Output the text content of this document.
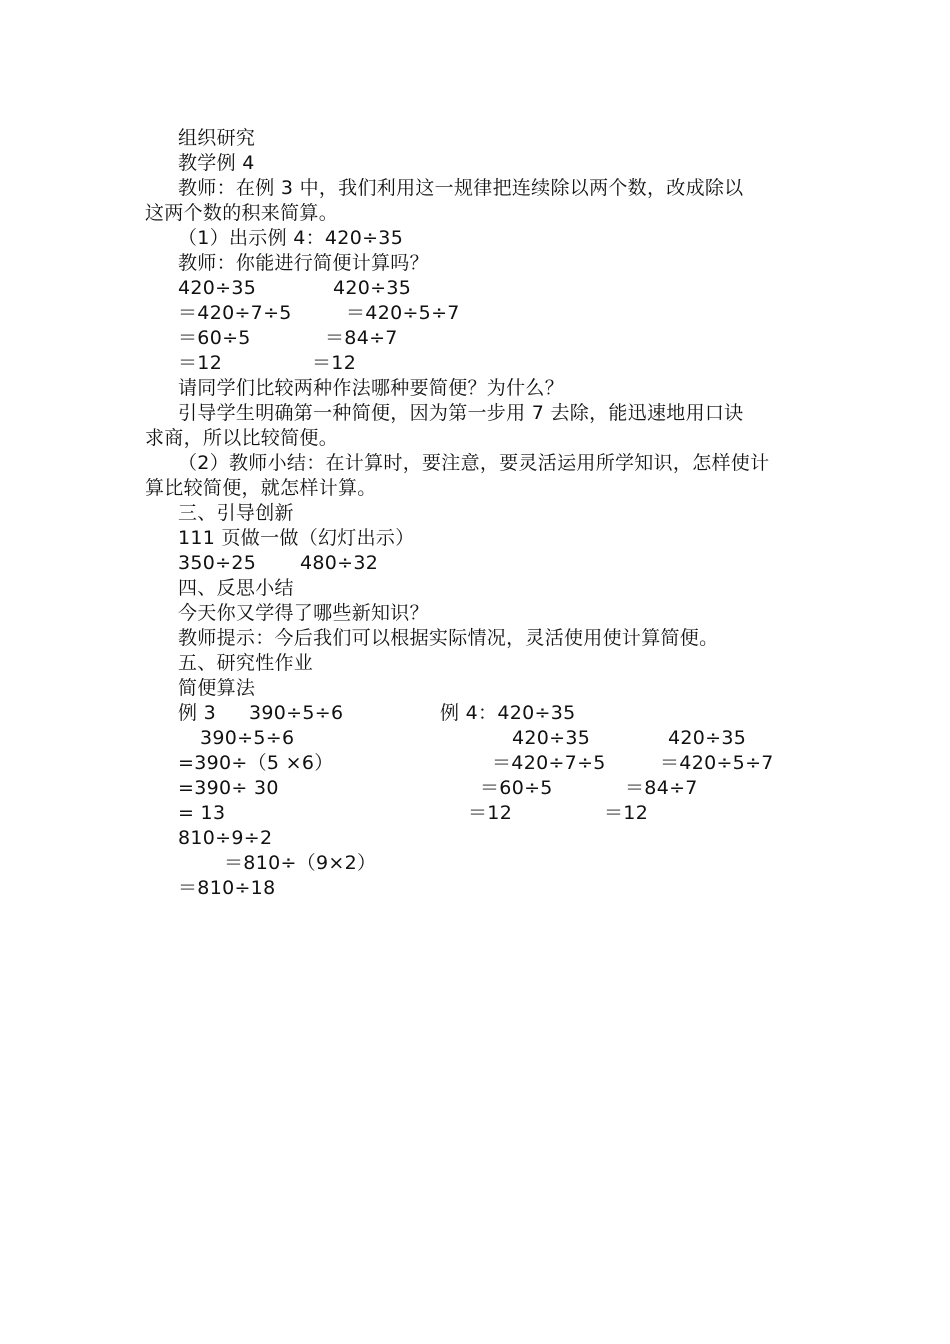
组织研究
教学例 4
教师：在例 3 中，我们利用这一规律把连续除以两个数，改成除以
这两个数的积来简算。
（1）出示例 4：420÷35
教师：你能进行简便计算吗？
420÷35	420÷35
＝420÷7÷5	＝420÷5÷7
＝60÷5	＝84÷7
＝12	＝12
请同学们比较两种作法哪种要简便？为什么？
引导学生明确第一种简便，因为第一步用 7 去除，能迅速地用口诀
求商，所以比较简便。
（2）教师小结：在计算时，要注意，要灵活运用所学知识，怎样使计
算比较简便，就怎样计算。
三、引导创新
111 页做一做（幻灯出示）
350÷25 480÷32
四、反思小结
今天你又学得了哪些新知识？
教师提示：今后我们可以根据实际情况，灵活使用使计算简便。
五、研究性作业
简便算法
例 3 390÷5÷6	例 4：420÷35
390÷5÷6	420÷35	420÷35
=390÷（5 ×6）	＝420÷7÷5	＝420÷5÷7
=390÷ 30	＝60÷5	＝84÷7
= 13	＝12	＝12
810÷9÷2
＝810÷（9×2）
＝810÷18
